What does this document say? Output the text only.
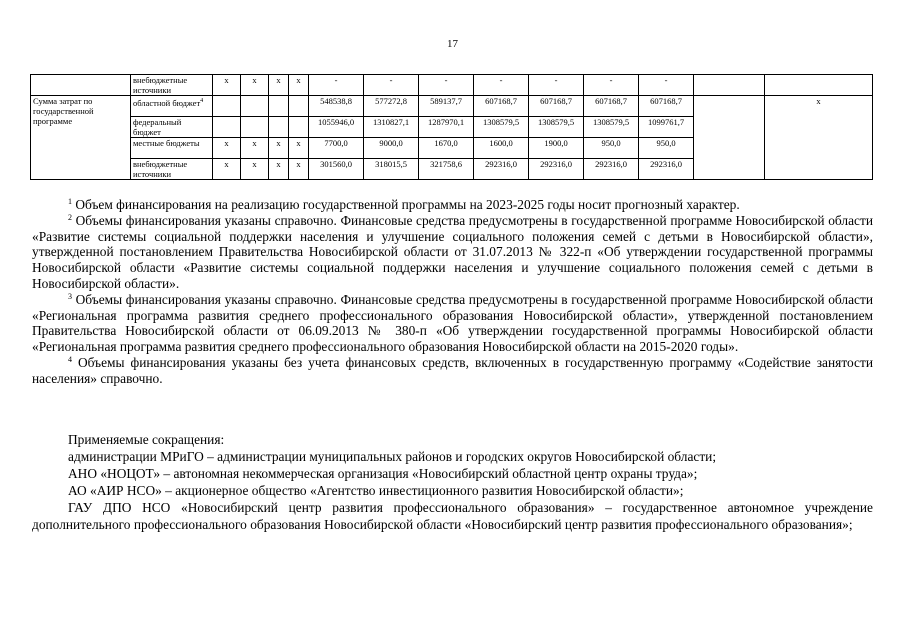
17
	внебюджетные источники	x	x	x	x	-	-	-	-	-	-	-		
Сумма затрат по государственной программе	областной бюджет$^4$					548538,8	577272,8	589137,7	607168,7	607168,7	607168,7	607168,7		x
	федеральный бюджет					1055946,0	1310827,1	1287970,1	1308579,5	1308579,5	1308579,5	1099761,7		
	местные бюджеты	x	x	x	x	7700,0	9000,0	1670,0	1600,0	1900,0	950,0	950,0		
	внебюджетные источники	x	x	x	x	301560,0	318015,5	321758,6	292316,0	292316,0	292316,0	292316,0		

$^1$ Объем финансирования на реализацию государственной программы на 2023-2025 годы носит прогнозный характер.

$^2$ Объемы финансирования указаны справочно. Финансовые средства предусмотрены в государственной программе Новосибирской области «Развитие системы социальной поддержки населения и улучшение социального положения семей с детьми в Новосибирской области», утвержденной постановлением Правительства Новосибирской области от 31.07.2013 № 322-п «Об утверждении государственной программы Новосибирской области «Развитие системы социальной поддержки населения и улучшение социального положения семей с детьми в Новосибирской области».

$^3$ Объемы финансирования указаны справочно. Финансовые средства предусмотрены в государственной программе Новосибирской области «Региональная программа развития среднего профессионального образования Новосибирской области», утвержденной постановлением Правительства Новосибирской области от 06.09.2013 № 380-п «Об утверждении государственной программы Новосибирской области «Региональная программа развития среднего профессионального образования Новосибирской области на 2015-2020 годы».

$^4$ Объемы финансирования указаны без учета финансовых средств, включенных в государственную программу «Содействие занятости населения» справочно.

Применяемые сокращения:

администрации МРиГО – администрации муниципальных районов и городских округов Новосибирской области;

АНО «НОЦОТ» – автономная некоммерческая организация «Новосибирский областной центр охраны труда»;

АО «АИР НСО» – акционерное общество «Агентство инвестиционного развития Новосибирской области»;

ГАУ ДПО НСО «Новосибирский центр развития профессионального образования» – государственное автономное учреждение дополнительного профессионального образования Новосибирской области «Новосибирский центр развития профессионального образования»;
